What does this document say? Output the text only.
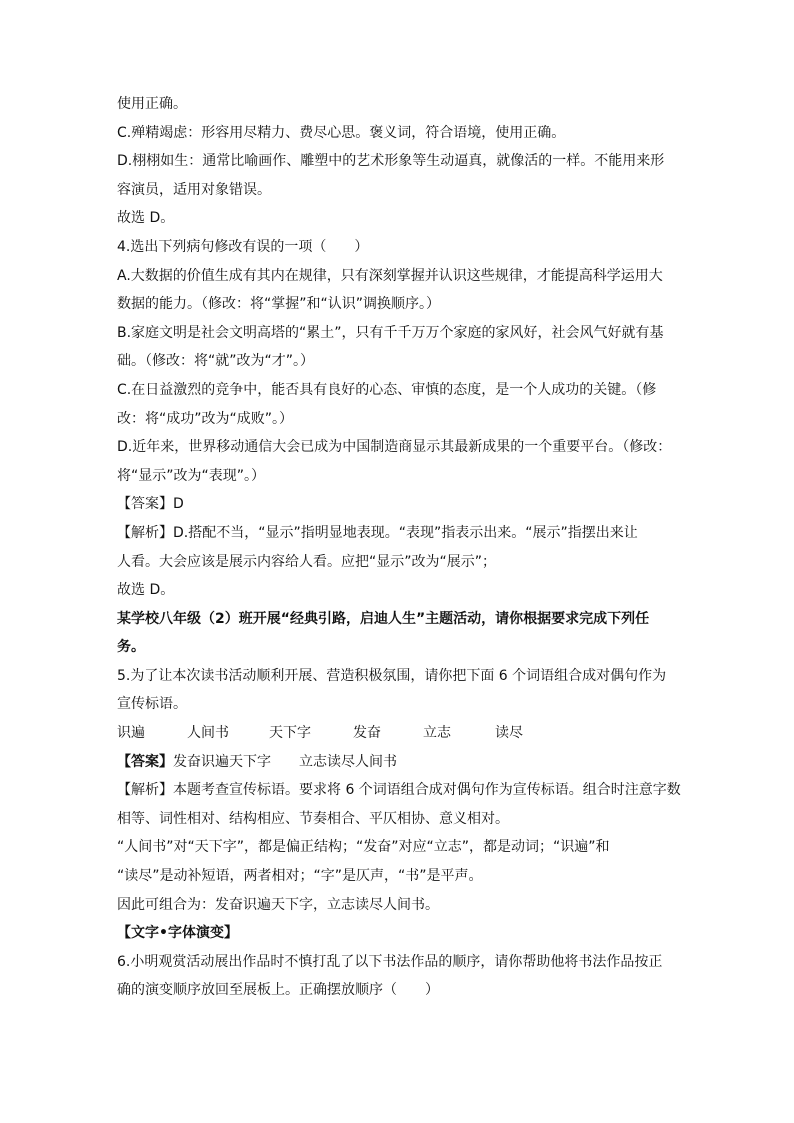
使用正确。
C.殚精竭虑：形容用尽精力、费尽心思。褒义词，符合语境，使用正确。
D.栩栩如生：通常比喻画作、雕塑中的艺术形象等生动逼真，就像活的一样。不能用来形
容演员，适用对象错误。
故选 D。
4.选出下列病句修改有误的一项（　　）
A.大数据的价值生成有其内在规律，只有深刻掌握并认识这些规律，才能提高科学运用大
数据的能力。（修改：将“掌握”和“认识”调换顺序。）
B.家庭文明是社会文明高塔的“累土”，只有千千万万个家庭的家风好，社会风气好就有基
础。（修改：将“就”改为“才”。）
C.在日益激烈的竞争中，能否具有良好的心态、审慎的态度，是一个人成功的关键。（修
改：将“成功”改为“成败”。）
D.近年来，世界移动通信大会已成为中国制造商显示其最新成果的一个重要平台。（修改：
将“显示”改为“表现”。）
【答案】D
【解析】D.搭配不当，“显示”指明显地表现。“表现”指表示出来。“展示”指摆出来让
人看。大会应该是展示内容给人看。应把“显示”改为“展示”；
故选 D。
某学校八年级（2）班开展“经典引路，启迪人生”主题活动，请你根据要求完成下列任
务。
5.为了让本次读书活动顺利开展、营造积极氛围，请你把下面 6 个词语组合成对偶句作为
宣传标语。
识遍	人间书	天下字	发奋	立志	读尽
【答案】发奋识遍天下字 立志读尽人间书
【解析】本题考查宣传标语。要求将 6 个词语组合成对偶句作为宣传标语。组合时注意字数
相等、词性相对、结构相应、节奏相合、平仄相协、意义相对。
“人间书”对“天下字”，都是偏正结构；“发奋”对应“立志”，都是动词；“识遍”和
“读尽”是动补短语，两者相对；“字”是仄声，“书”是平声。
因此可组合为：发奋识遍天下字，立志读尽人间书。
【文字•字体演变】
6.小明观赏活动展出作品时不慎打乱了以下书法作品的顺序，请你帮助他将书法作品按正
确的演变顺序放回至展板上。正确摆放顺序（　　）
